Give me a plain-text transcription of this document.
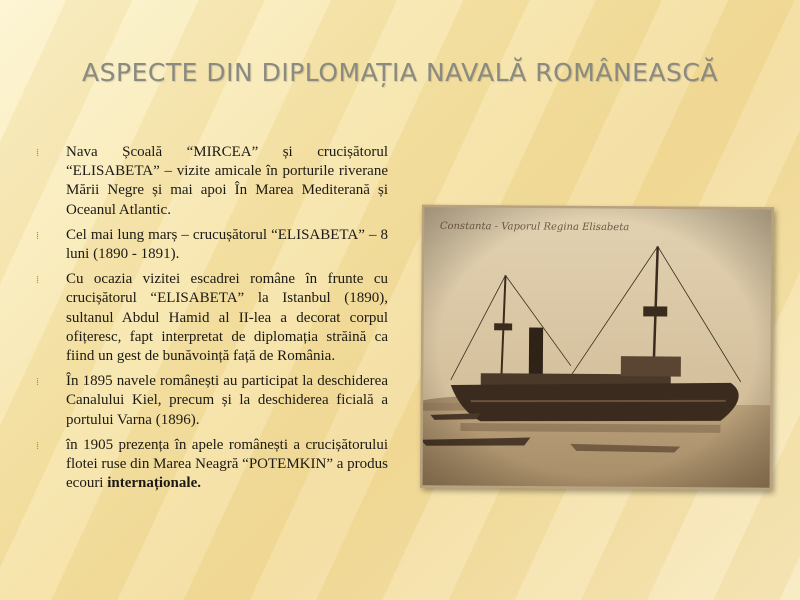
ASPECTE DIN DIPLOMAȚIA NAVALĂ ROMÂNEASCĂ
⁞ Nava Școală “MIRCEA” și crucișătorul “ELISABETA” – vizite amicale în porturile riverane Mării Negre și mai apoi În Marea Mediterană și Oceanul Atlantic.
⁞ Cel mai lung marș – crucușătorul “ELISABETA” – 8 luni (1890 - 1891).
⁞ Cu ocazia vizitei escadrei române în frunte cu crucișătorul “ELISABETA” la Istanbul (1890), sultanul Abdul Hamid al II-lea a decorat corpul ofițeresc, fapt interpretat de diplomația străină ca fiind un gest de bunăvoință față de România.
⁞ În 1895 navele românești au participat la deschiderea Canalului Kiel, precum și la deschiderea ficială a portului Varna (1896).
⁞ în 1905 prezența în apele românești a crucișătorului flotei ruse din Marea Neagră “POTEMKIN” a produs ecouri internaționale.
Constanta - Vaporul Regina Elisabeta
